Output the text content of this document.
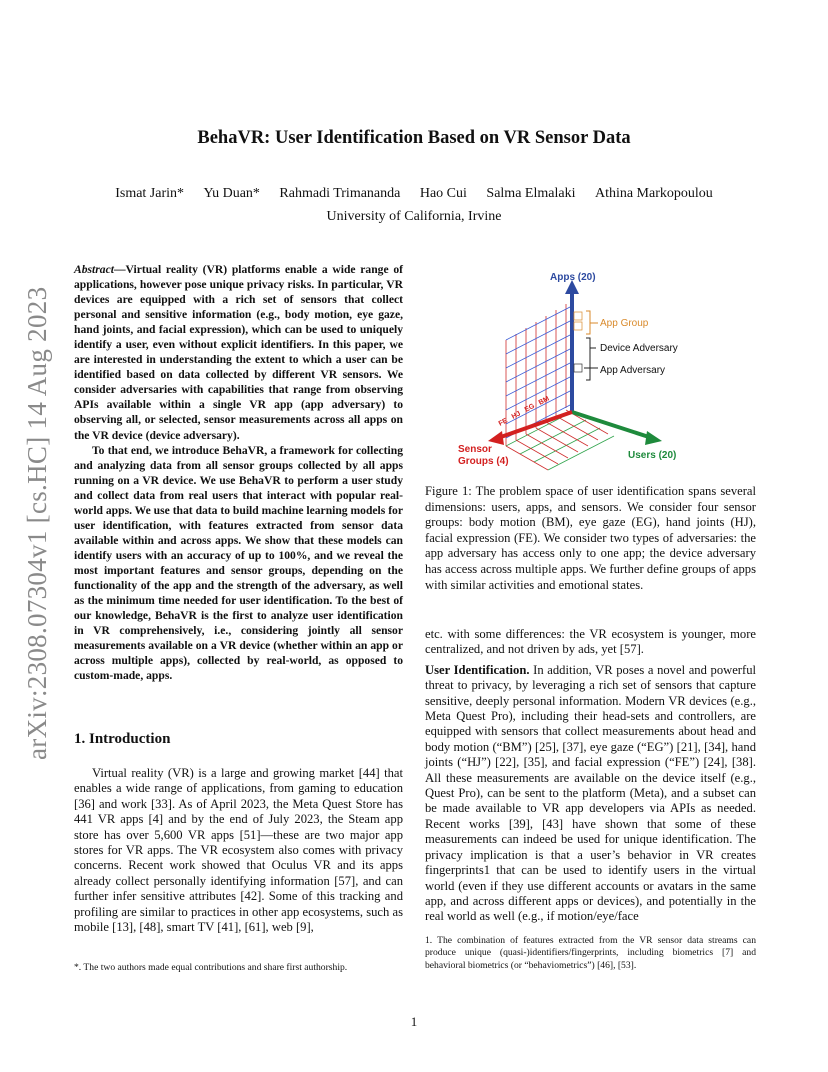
arXiv:2308.07304v1 [cs.HC] 14 Aug 2023
BehaVR: User Identification Based on VR Sensor Data
Ismat Jarin* Yu Duan* Rahmadi Trimananda Hao Cui Salma Elmalaki Athina Markopoulou
University of California, Irvine

Abstract—Virtual reality (VR) platforms enable a wide range of applications, however pose unique privacy risks. In particular, VR devices are equipped with a rich set of sensors that collect personal and sensitive information (e.g., body motion, eye gaze, hand joints, and facial expression), which can be used to uniquely identify a user, even without explicit identifiers. In this paper, we are interested in understanding the extent to which a user can be identified based on data collected by different VR sensors. We consider adversaries with capabilities that range from observing APIs available within a single VR app (app adversary) to observing all, or selected, sensor measurements across all apps on the VR device (device adversary).

To that end, we introduce BehaVR, a framework for collecting and analyzing data from all sensor groups collected by all apps running on a VR device. We use BehaVR to perform a user study and collect data from real users that interact with popular real-world apps. We use that data to build machine learning models for user identification, with features extracted from sensor data available within and across apps. We show that these models can identify users with an accuracy of up to 100%, and we reveal the most important features and sensor groups, depending on the functionality of the app and the strength of the adversary, as well as the minimum time needed for user identification. To the best of our knowledge, BehaVR is the first to analyze user identification in VR comprehensively, i.e., considering jointly all sensor measurements available on a VR device (whether within an app or across multiple apps), collected by real-world, as opposed to custom-made, apps.

1. Introduction

Virtual reality (VR) is a large and growing market [44] that enables a wide range of applications, from gaming to education [36] and work [33]. As of April 2023, the Meta Quest Store has 441 VR apps [4] and by the end of July 2023, the Steam app store has over 5,600 VR apps [51]—these are two major app stores for VR apps. The VR ecosystem also comes with privacy concerns. Recent work showed that Oculus VR and its apps already collect personally identifying information [57], and can further infer sensitive attributes [42]. Some of this tracking and profiling are similar to practices in other app ecosystems, such as mobile [13], [48], smart TV [41], [61], web [9],

*. The two authors made equal contributions and share first authorship.

FE
HJ
EG
BM
Apps (20)
Users (20)
Sensor
Groups (4)
App Group
Device Adversary
App Adversary

Figure 1: The problem space of user identification spans several dimensions: users, apps, and sensors. We consider four sensor groups: body motion (BM), eye gaze (EG), hand joints (HJ), facial expression (FE). We consider two types of adversaries: the app adversary has access only to one app; the device adversary has access across multiple apps. We further define groups of apps with similar activities and emotional states.

etc. with some differences: the VR ecosystem is younger, more centralized, and not driven by ads, yet [57].

User Identification. In addition, VR poses a novel and powerful threat to privacy, by leveraging a rich set of sensors that capture sensitive, deeply personal information. Modern VR devices (e.g., Meta Quest Pro), including their head-sets and controllers, are equipped with sensors that collect measurements about head and body motion (“BM”) [25], [37], eye gaze (“EG”) [21], [34], hand joints (“HJ”) [22], [35], and facial expression (“FE”) [24], [38]. All these measurements are available on the device itself (e.g., Quest Pro), can be sent to the platform (Meta), and a subset can be made available to VR app developers via APIs as needed. Recent works [39], [43] have shown that some of these measurements can indeed be used for unique identification. The privacy implication is that a user’s behavior in VR creates fingerprints1 that can be used to identify users in the virtual world (even if they use different accounts or avatars in the same app, and across different apps or devices), and potentially in the real world as well (e.g., if motion/eye/face

1. The combination of features extracted from the VR sensor data streams can produce unique (quasi-)identifiers/fingerprints, including biometrics [7] and behavioral biometrics (or “behaviometrics”) [46], [53].

1
